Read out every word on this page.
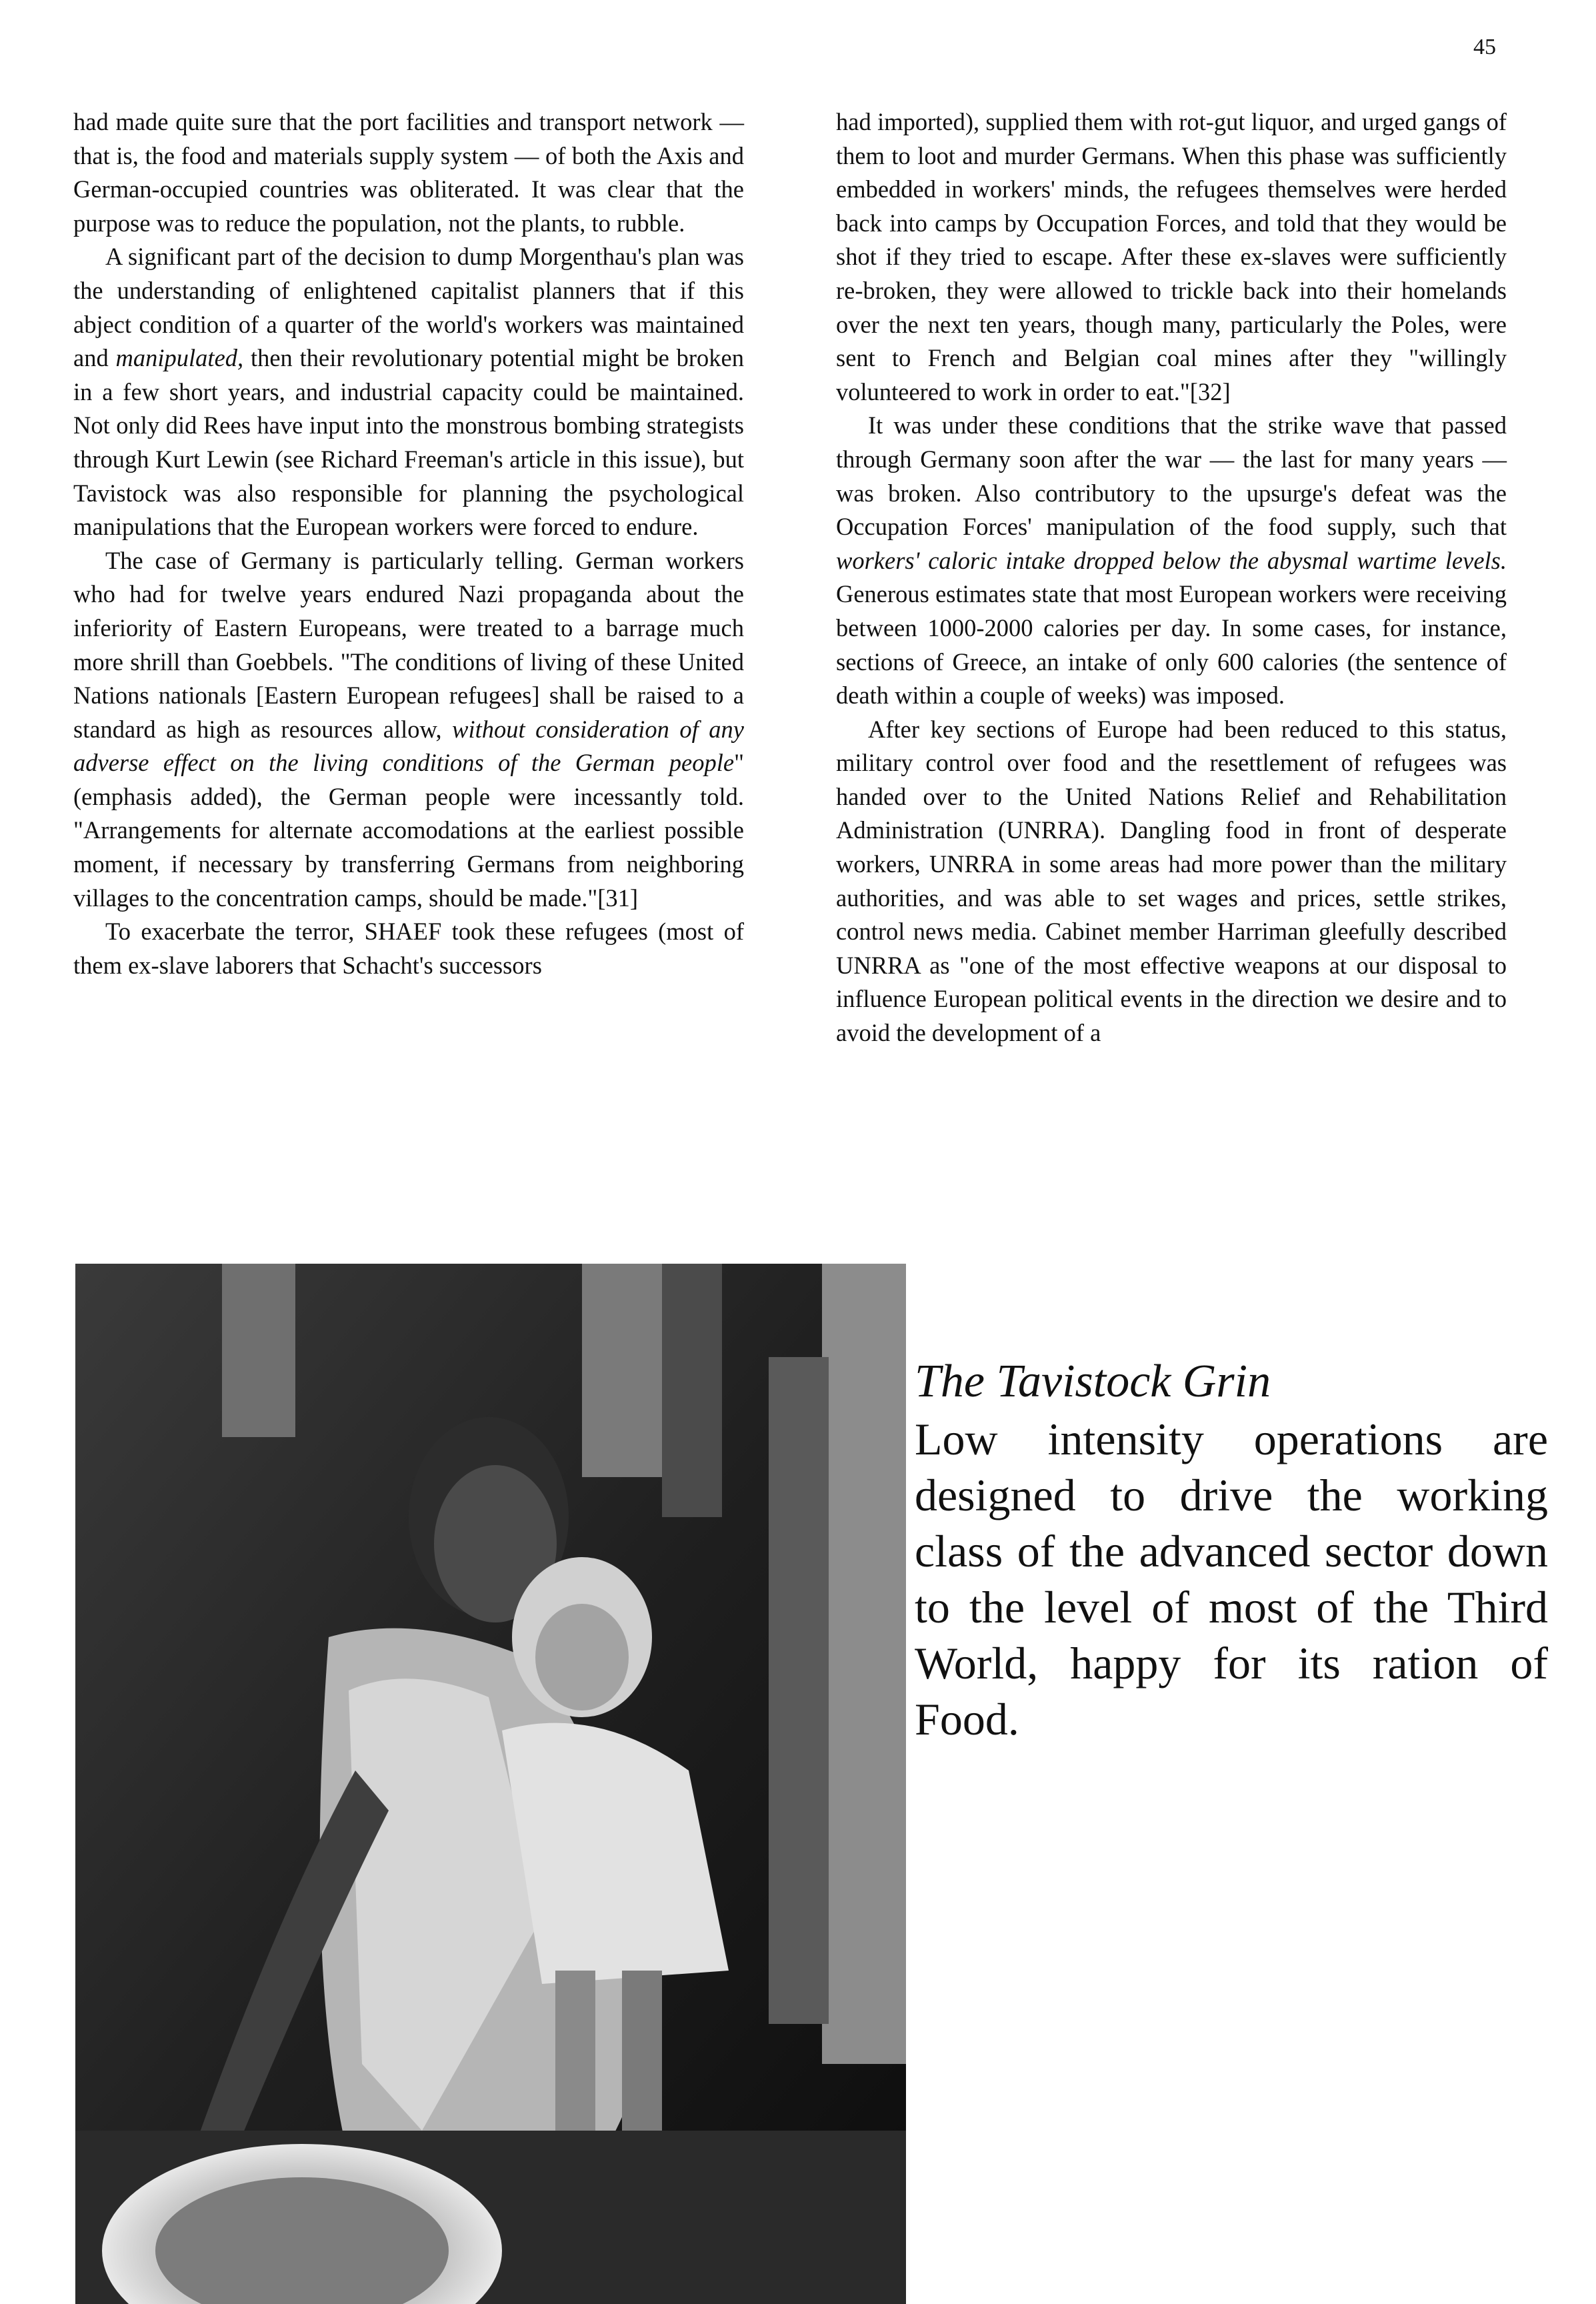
45

had made quite sure that the port facilities and transport network — that is, the food and materials supply system — of both the Axis and German-occupied countries was obliterated. It was clear that the purpose was to reduce the population, not the plants, to rubble.

A significant part of the decision to dump Morgenthau's plan was the understanding of enlightened capitalist planners that if this abject condition of a quarter of the world's workers was maintained and manipulated, then their revolutionary potential might be broken in a few short years, and industrial capacity could be maintained. Not only did Rees have input into the monstrous bombing strategists through Kurt Lewin (see Richard Freeman's article in this issue), but Tavistock was also responsible for planning the psychological manipulations that the European workers were forced to endure.

The case of Germany is particularly telling. German workers who had for twelve years endured Nazi propaganda about the inferiority of Eastern Europeans, were treated to a barrage much more shrill than Goebbels. "The conditions of living of these United Nations nationals [Eastern European refugees] shall be raised to a standard as high as resources allow, without consideration of any adverse effect on the living conditions of the German people" (emphasis added), the German people were incessantly told. "Arrangements for alternate accomodations at the earliest possible moment, if necessary by transferring Germans from neighboring villages to the concentration camps, should be made."[31]

To exacerbate the terror, SHAEF took these refugees (most of them ex-slave laborers that Schacht's successors

had imported), supplied them with rot-gut liquor, and urged gangs of them to loot and murder Germans. When this phase was sufficiently embedded in workers' minds, the refugees themselves were herded back into camps by Occupation Forces, and told that they would be shot if they tried to escape. After these ex-slaves were sufficiently re-broken, they were allowed to trickle back into their homelands over the next ten years, though many, particularly the Poles, were sent to French and Belgian coal mines after they "willingly volunteered to work in order to eat."[32]

It was under these conditions that the strike wave that passed through Germany soon after the war — the last for many years — was broken. Also contributory to the upsurge's defeat was the Occupation Forces' manipulation of the food supply, such that workers' caloric intake dropped below the abysmal wartime levels. Generous estimates state that most European workers were receiving between 1000-2000 calories per day. In some cases, for instance, sections of Greece, an intake of only 600 calories (the sentence of death within a couple of weeks) was imposed.

After key sections of Europe had been reduced to this status, military control over food and the resettlement of refugees was handed over to the United Nations Relief and Rehabilitation Administration (UNRRA). Dangling food in front of desperate workers, UNRRA in some areas had more power than the military authorities, and was able to set wages and prices, settle strikes, control news media. Cabinet member Harriman gleefully described UNRRA as "one of the most effective weapons at our disposal to influence European political events in the direction we desire and to avoid the development of a

The Tavistock Grin

Low intensity operations are designed to drive the working class of the advanced sector down to the level of most of the Third World, happy for its ration of Food.
